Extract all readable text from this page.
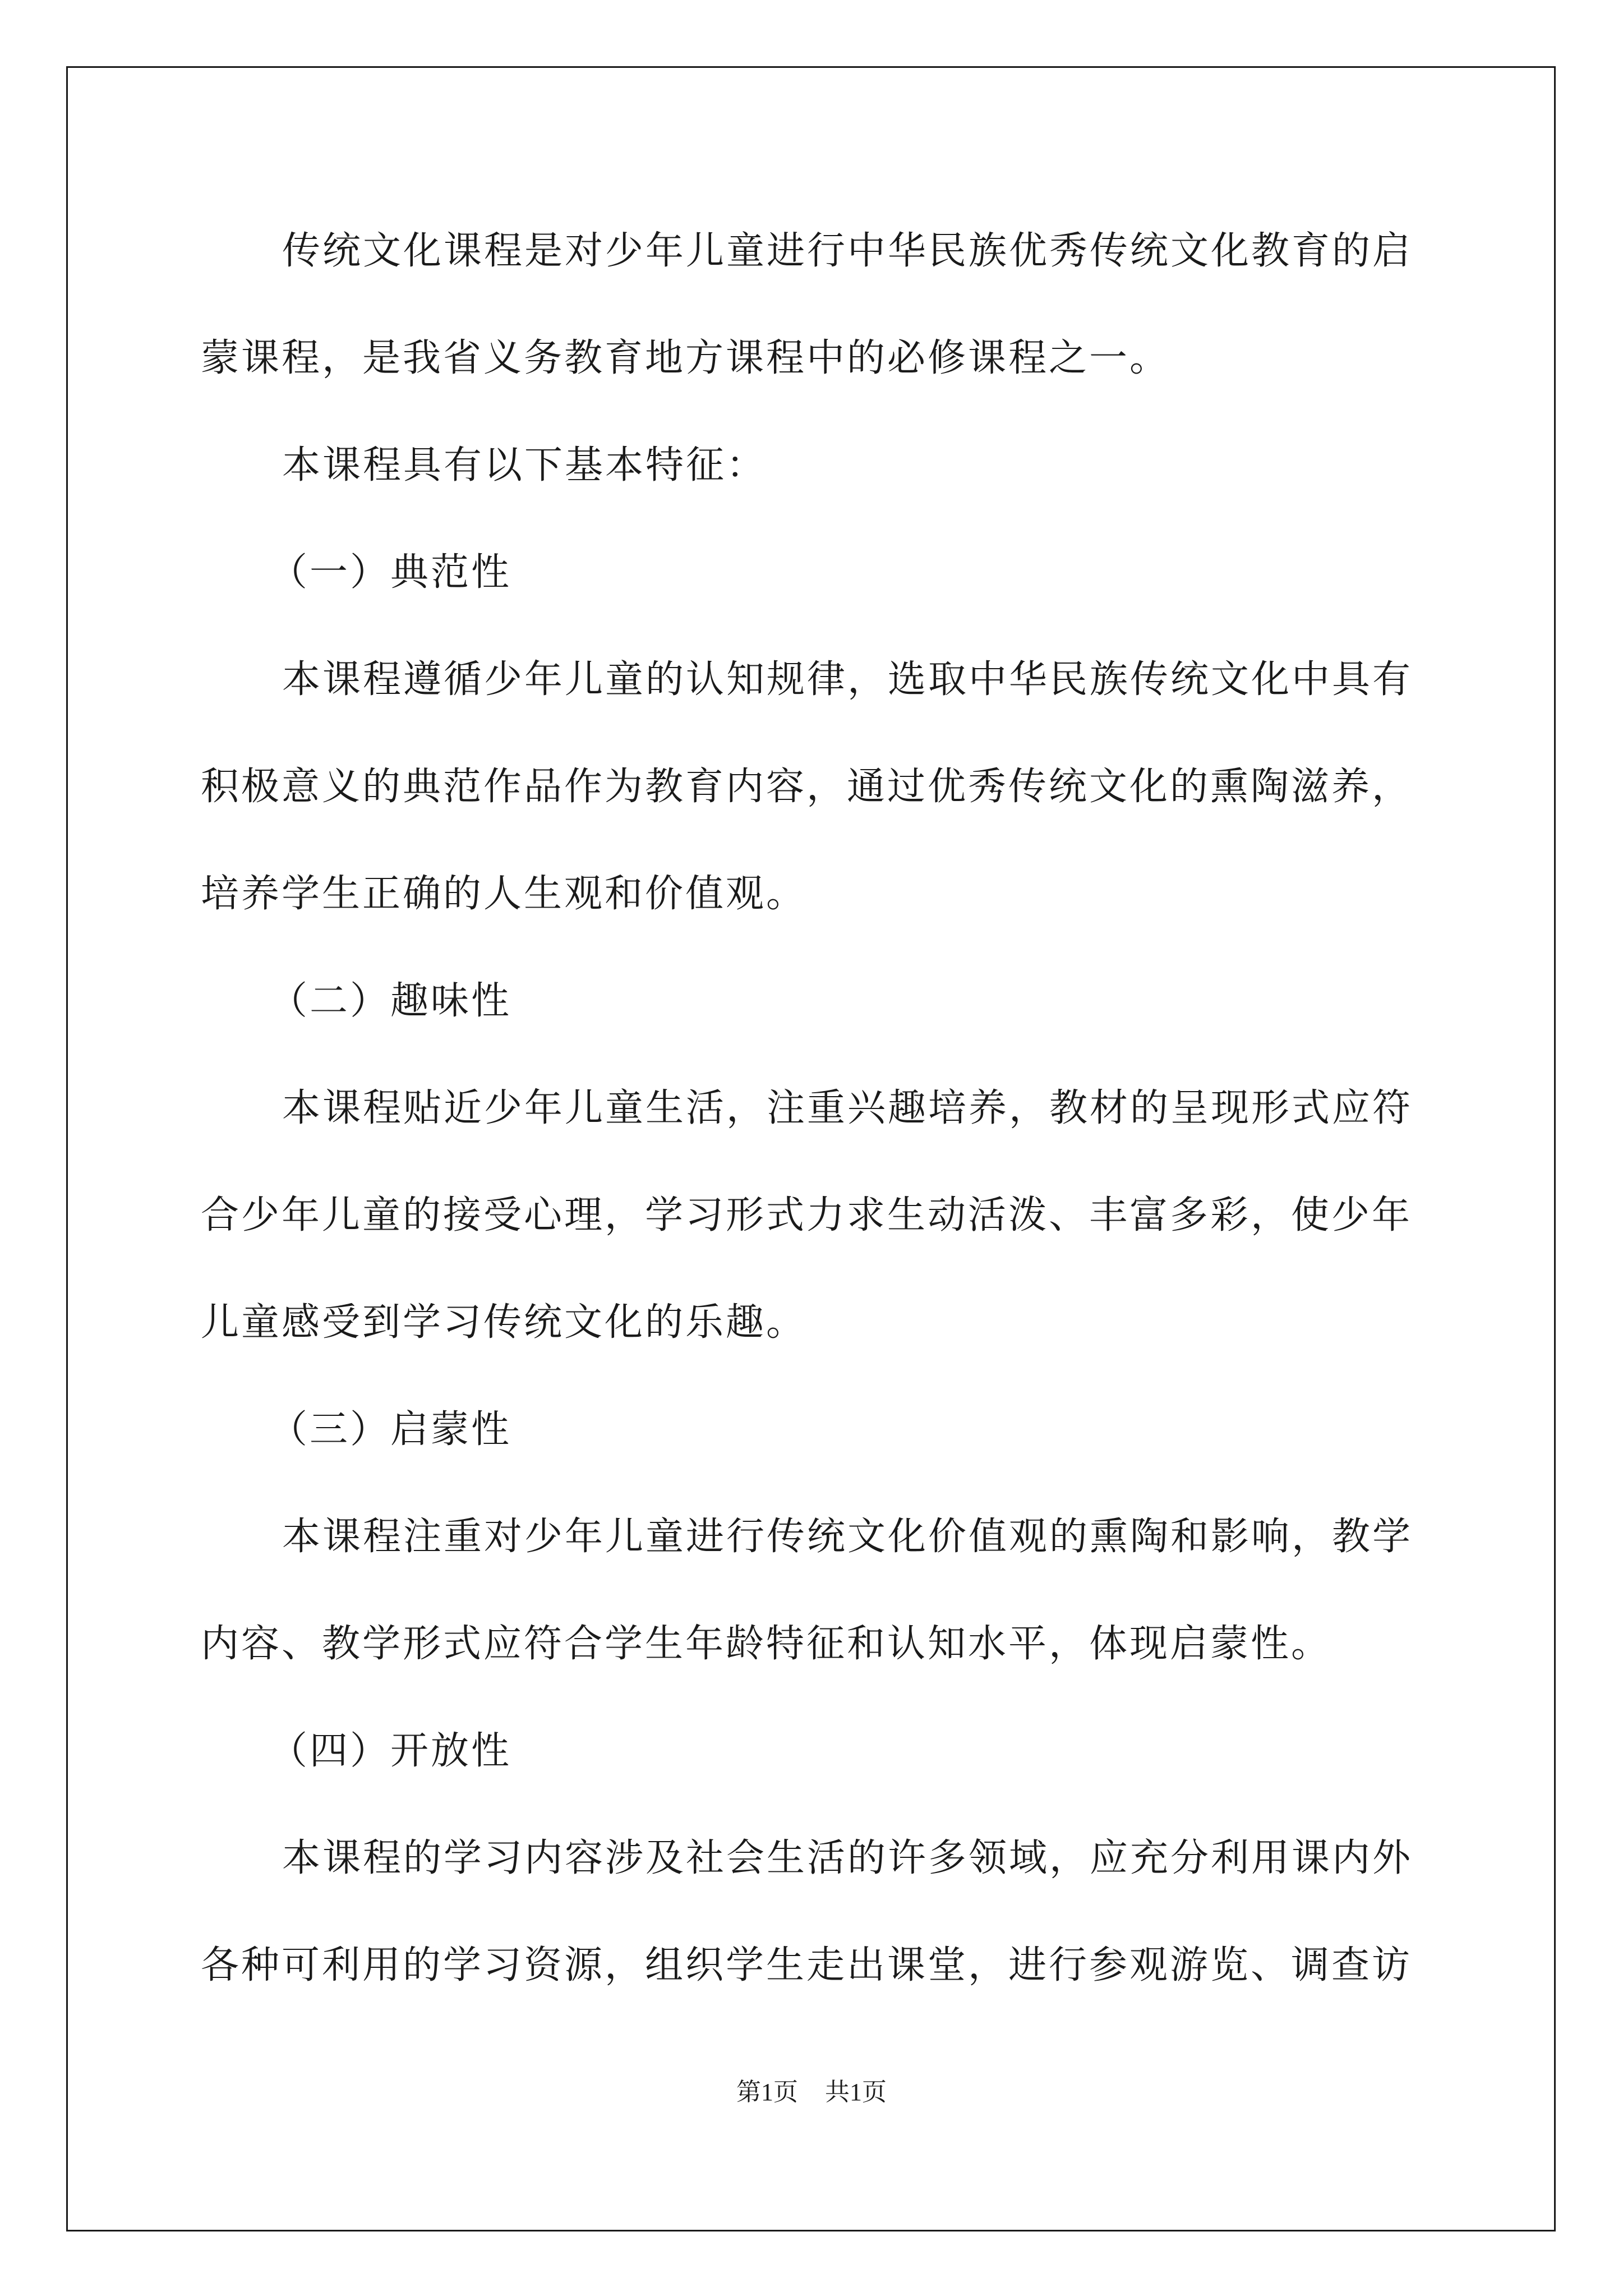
传统文化课程是对少年儿童进行中华民族优秀传统文化教育的启

蒙课程，是我省义务教育地方课程中的必修课程之一。

本课程具有以下基本特征：

（一）典范性

本课程遵循少年儿童的认知规律，选取中华民族传统文化中具有

积极意义的典范作品作为教育内容，通过优秀传统文化的熏陶滋养，

培养学生正确的人生观和价值观。

（二）趣味性

本课程贴近少年儿童生活，注重兴趣培养，教材的呈现形式应符

合少年儿童的接受心理，学习形式力求生动活泼、丰富多彩，使少年

儿童感受到学习传统文化的乐趣。

（三）启蒙性

本课程注重对少年儿童进行传统文化价值观的熏陶和影响，教学

内容、教学形式应符合学生年龄特征和认知水平，体现启蒙性。

（四）开放性

本课程的学习内容涉及社会生活的许多领域，应充分利用课内外

各种可利用的学习资源，组织学生走出课堂，进行参观游览、调查访

第1页 共1页
